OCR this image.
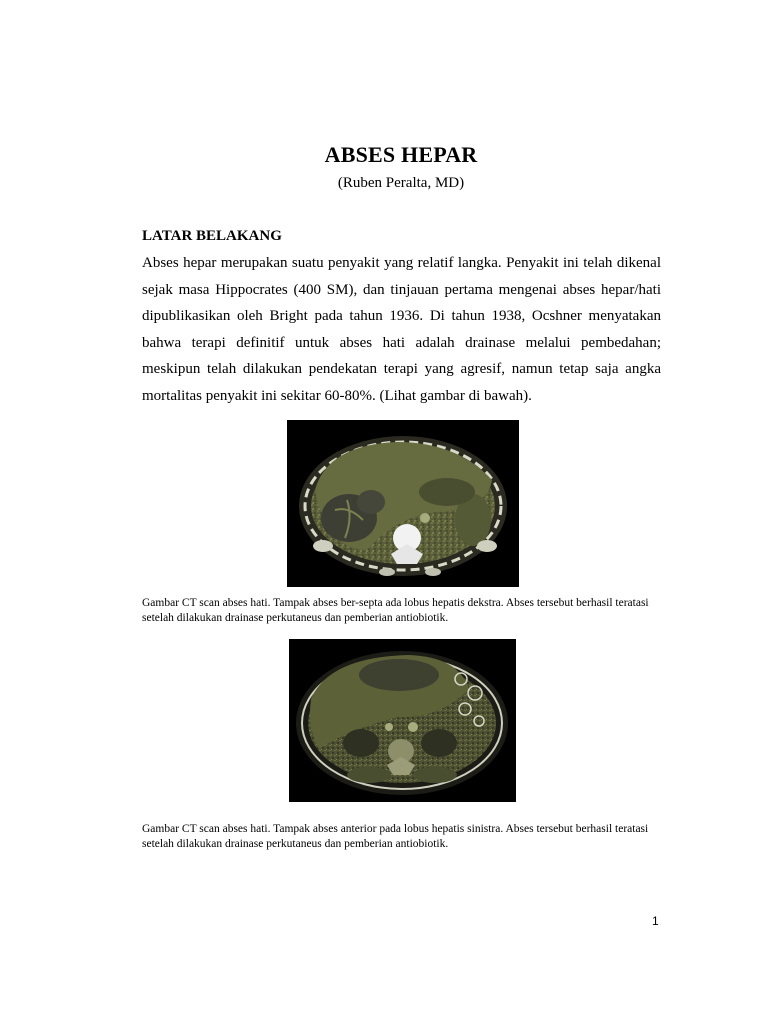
ABSES HEPAR
(Ruben Peralta, MD)
LATAR BELAKANG

Abses hepar merupakan suatu penyakit yang relatif langka. Penyakit ini telah dikenal sejak masa Hippocrates (400 SM), dan tinjauan pertama mengenai abses hepar/hati dipublikasikan oleh Bright pada tahun 1936. Di tahun 1938, Ocshner menyatakan bahwa terapi definitif untuk abses hati adalah drainase melalui pembedahan; meskipun telah dilakukan pendekatan terapi yang agresif, namun tetap saja angka mortalitas penyakit ini sekitar 60-80%. (Lihat gambar di bawah).

Gambar CT scan abses hati. Tampak abses ber-septa ada lobus hepatis dekstra. Abses tersebut berhasil teratasi setelah dilakukan drainase perkutaneus dan pemberian antiobiotik.

Gambar CT scan abses hati. Tampak abses anterior pada lobus hepatis sinistra. Abses tersebut berhasil teratasi setelah dilakukan drainase perkutaneus dan pemberian antiobiotik.

1
